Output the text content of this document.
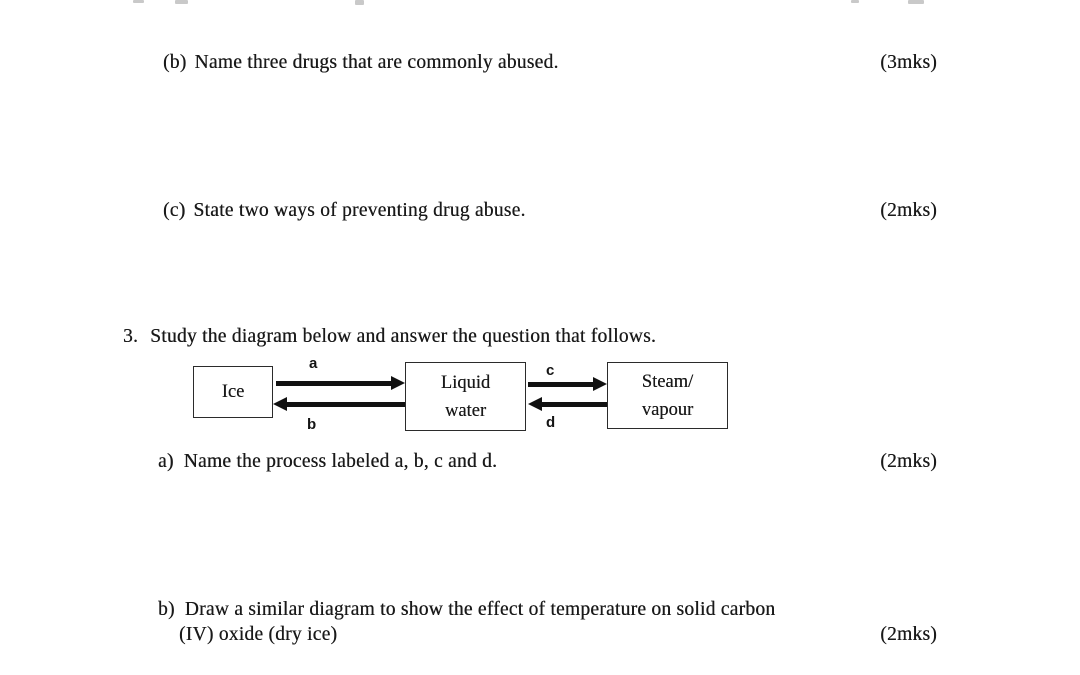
(b) Name three drugs that are commonly abused.	(3mks)
(c) State two ways of preventing drug abuse.	(2mks)
3. Study the diagram below and answer the question that follows.
Ice	Liquid
water
Steam/
vapour
a
b
c
d
a) Name the process labeled a, b, c and d.	(2mks)
b) Draw a similar diagram to show the effect of temperature on solid carbon
(IV) oxide (dry ice)	(2mks)
